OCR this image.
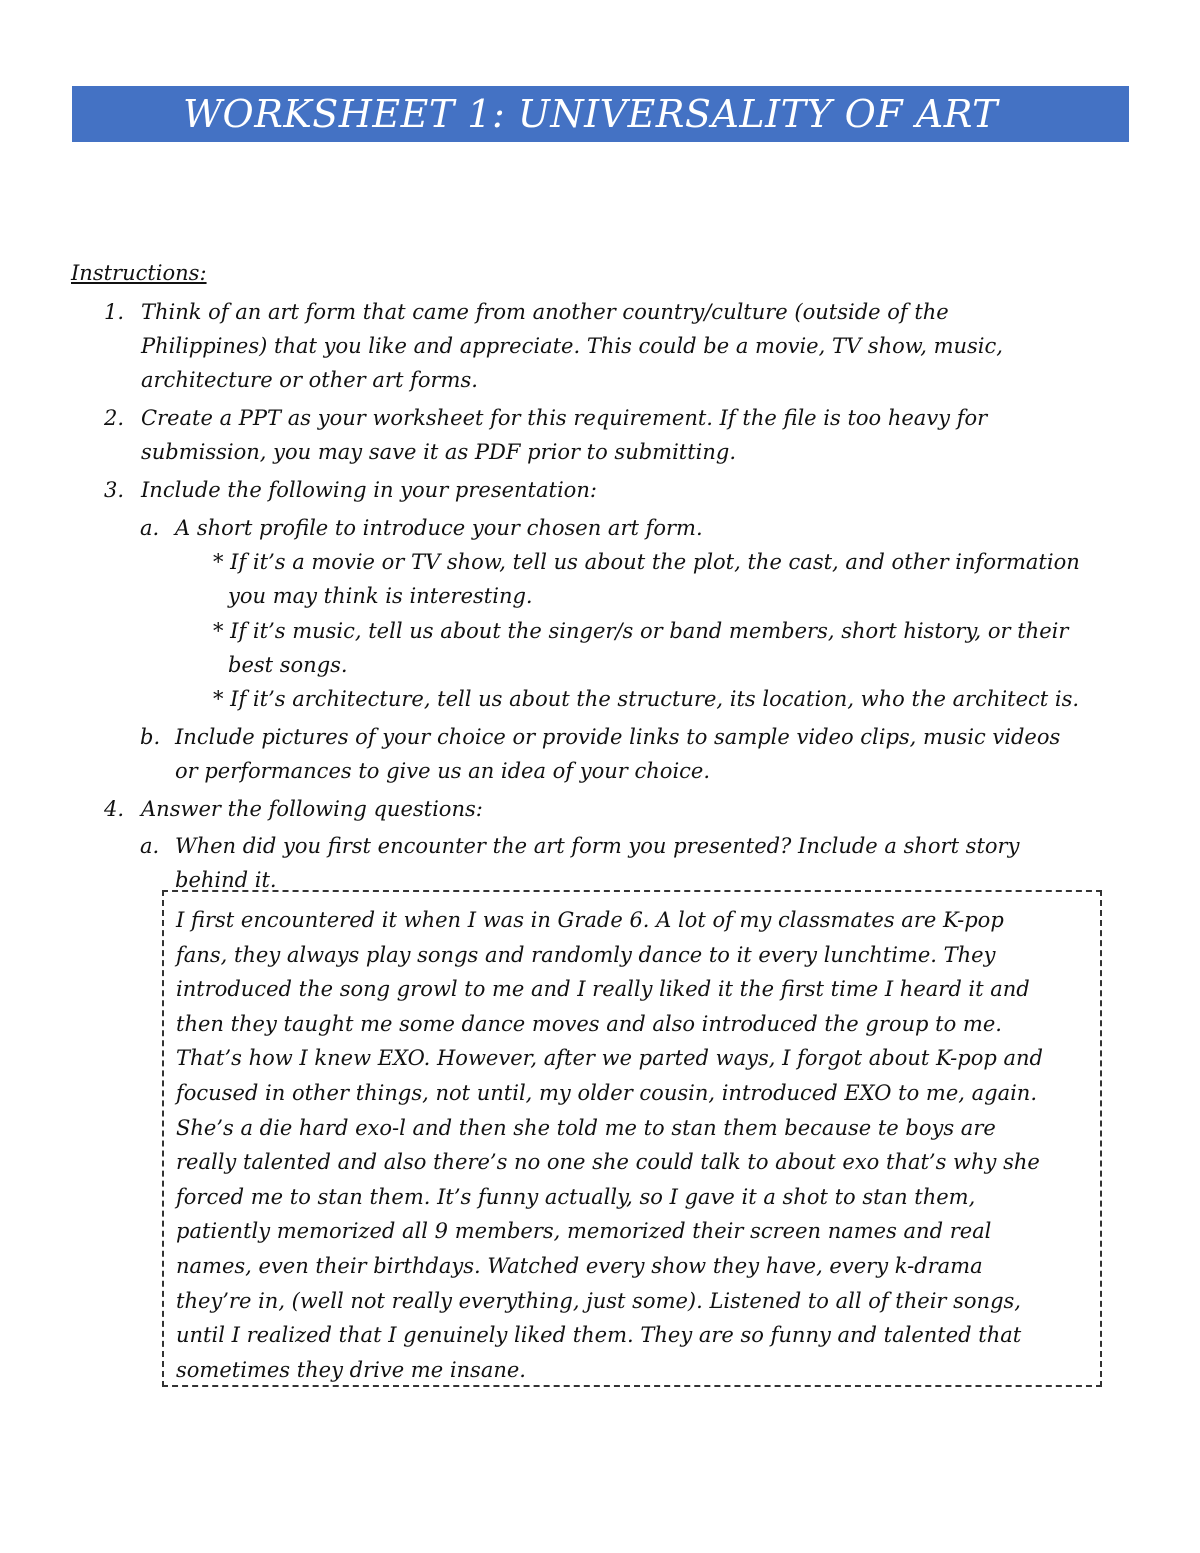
WORKSHEET 1: UNIVERSALITY OF ART
Instructions:
1. Think of an art form that came from another country/culture (outside of the
Philippines) that you like and appreciate. This could be a movie, TV show, music,
architecture or other art forms.
2. Create a PPT as your worksheet for this requirement. If the file is too heavy for
submission, you may save it as PDF prior to submitting.
3. Include the following in your presentation:
a. A short profile to introduce your chosen art form.
* If it’s a movie or TV show, tell us about the plot, the cast, and other information
you may think is interesting.
* If it’s music, tell us about the singer/s or band members, short history, or their
best songs.
* If it’s architecture, tell us about the structure, its location, who the architect is.
b. Include pictures of your choice or provide links to sample video clips, music videos
or performances to give us an idea of your choice.
4. Answer the following questions:
a. When did you first encounter the art form you presented? Include a short story
behind it.
I first encountered it when I was in Grade 6. A lot of my classmates are K-pop
fans, they always play songs and randomly dance to it every lunchtime. They
introduced the song growl to me and I really liked it the first time I heard it and
then they taught me some dance moves and also introduced the group to me.
That’s how I knew EXO. However, after we parted ways, I forgot about K-pop and
focused in other things, not until, my older cousin, introduced EXO to me, again.
She’s a die hard exo-l and then she told me to stan them because te boys are
really talented and also there’s no one she could talk to about exo that’s why she
forced me to stan them. It’s funny actually, so I gave it a shot to stan them,
patiently memorized all 9 members, memorized their screen names and real
names, even their birthdays. Watched every show they have, every k-drama
they’re in, (well not really everything, just some). Listened to all of their songs,
until I realized that I genuinely liked them. They are so funny and talented that
sometimes they drive me insane.
